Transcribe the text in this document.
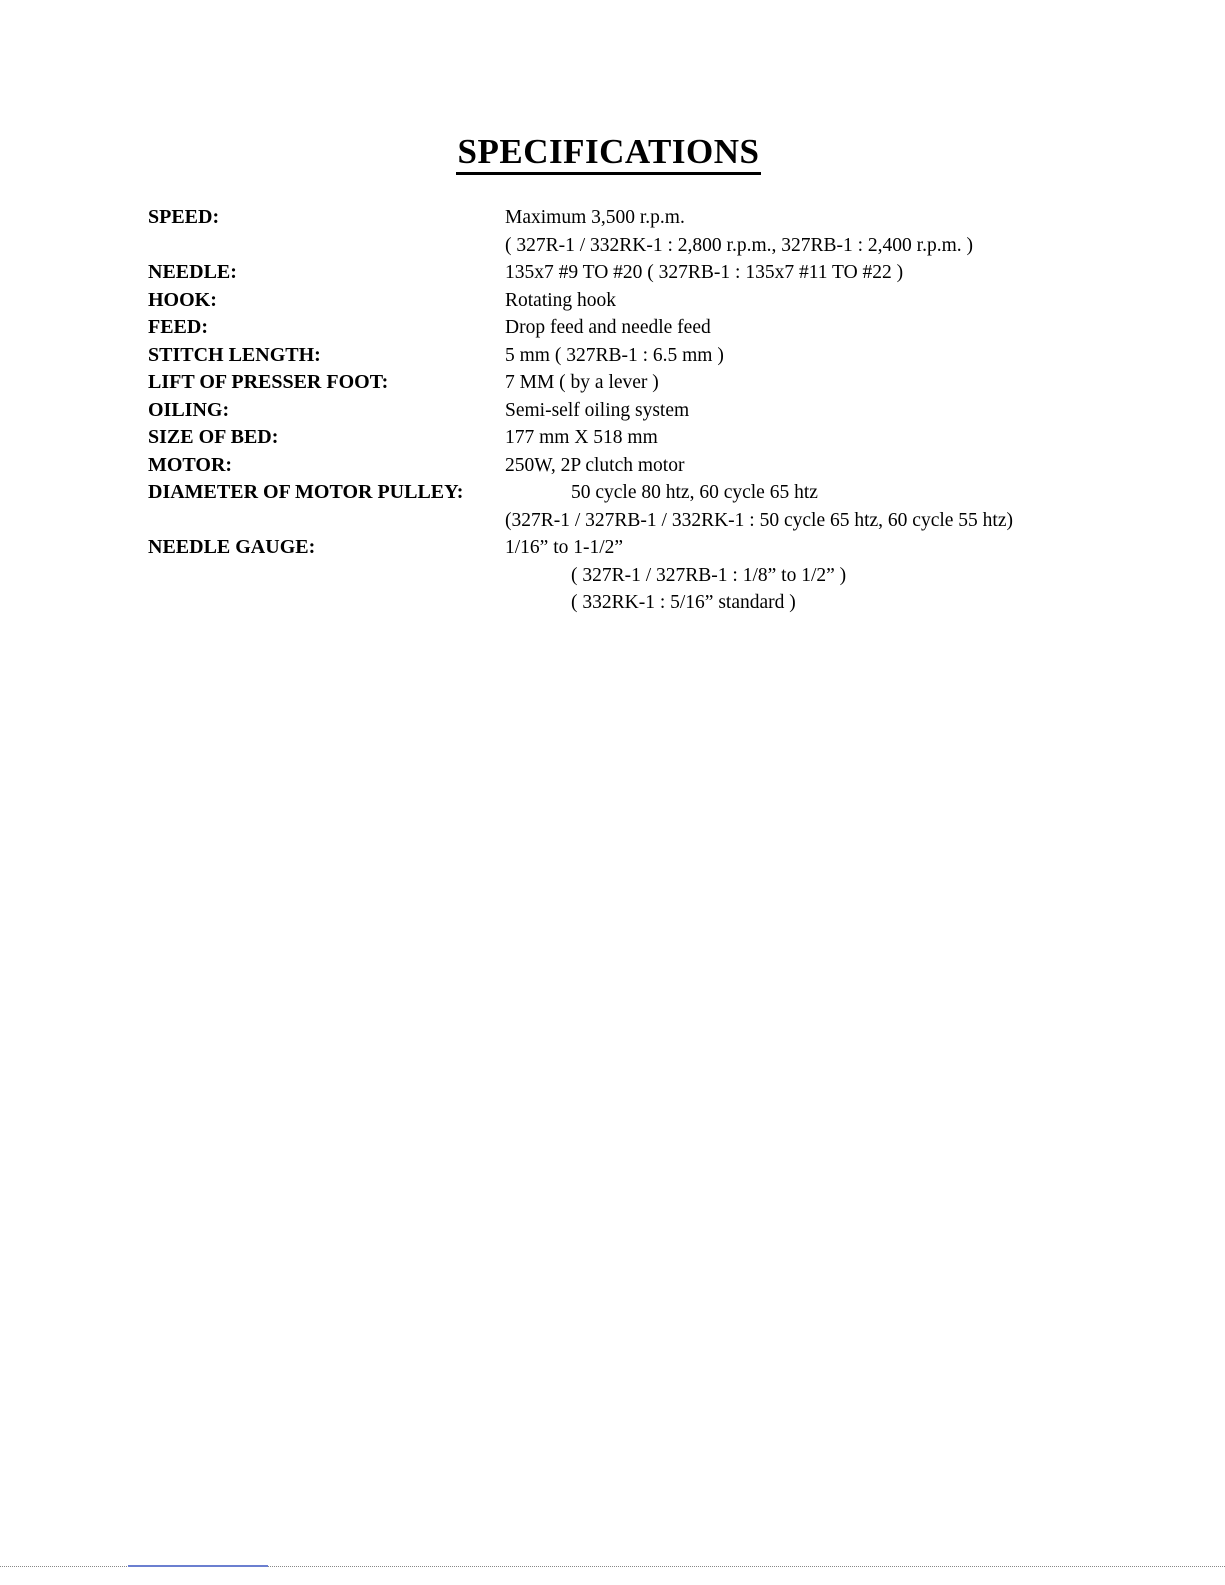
SPECIFICATIONS
SPEED:	Maximum 3,500 r.p.m.
( 327R-1 / 332RK-1 : 2,800 r.p.m., 327RB-1 : 2,400 r.p.m. )
NEEDLE:	135x7 #9 TO #20 ( 327RB-1 : 135x7 #11 TO #22 )
HOOK:	Rotating hook
FEED:	Drop feed and needle feed
STITCH LENGTH:	5 mm ( 327RB-1 : 6.5 mm )
LIFT OF PRESSER FOOT:	7 MM ( by a lever )
OILING:	Semi-self oiling system
SIZE OF BED:	177 mm X 518 mm
MOTOR:	250W, 2P clutch motor
DIAMETER OF MOTOR PULLEY:	50 cycle 80 htz, 60 cycle 65 htz
(327R-1 / 327RB-1 / 332RK-1 : 50 cycle 65 htz, 60 cycle 55 htz)
NEEDLE GAUGE:	1/16” to 1-1/2”
( 327R-1 / 327RB-1 : 1/8” to 1/2” )
( 332RK-1 : 5/16” standard )
